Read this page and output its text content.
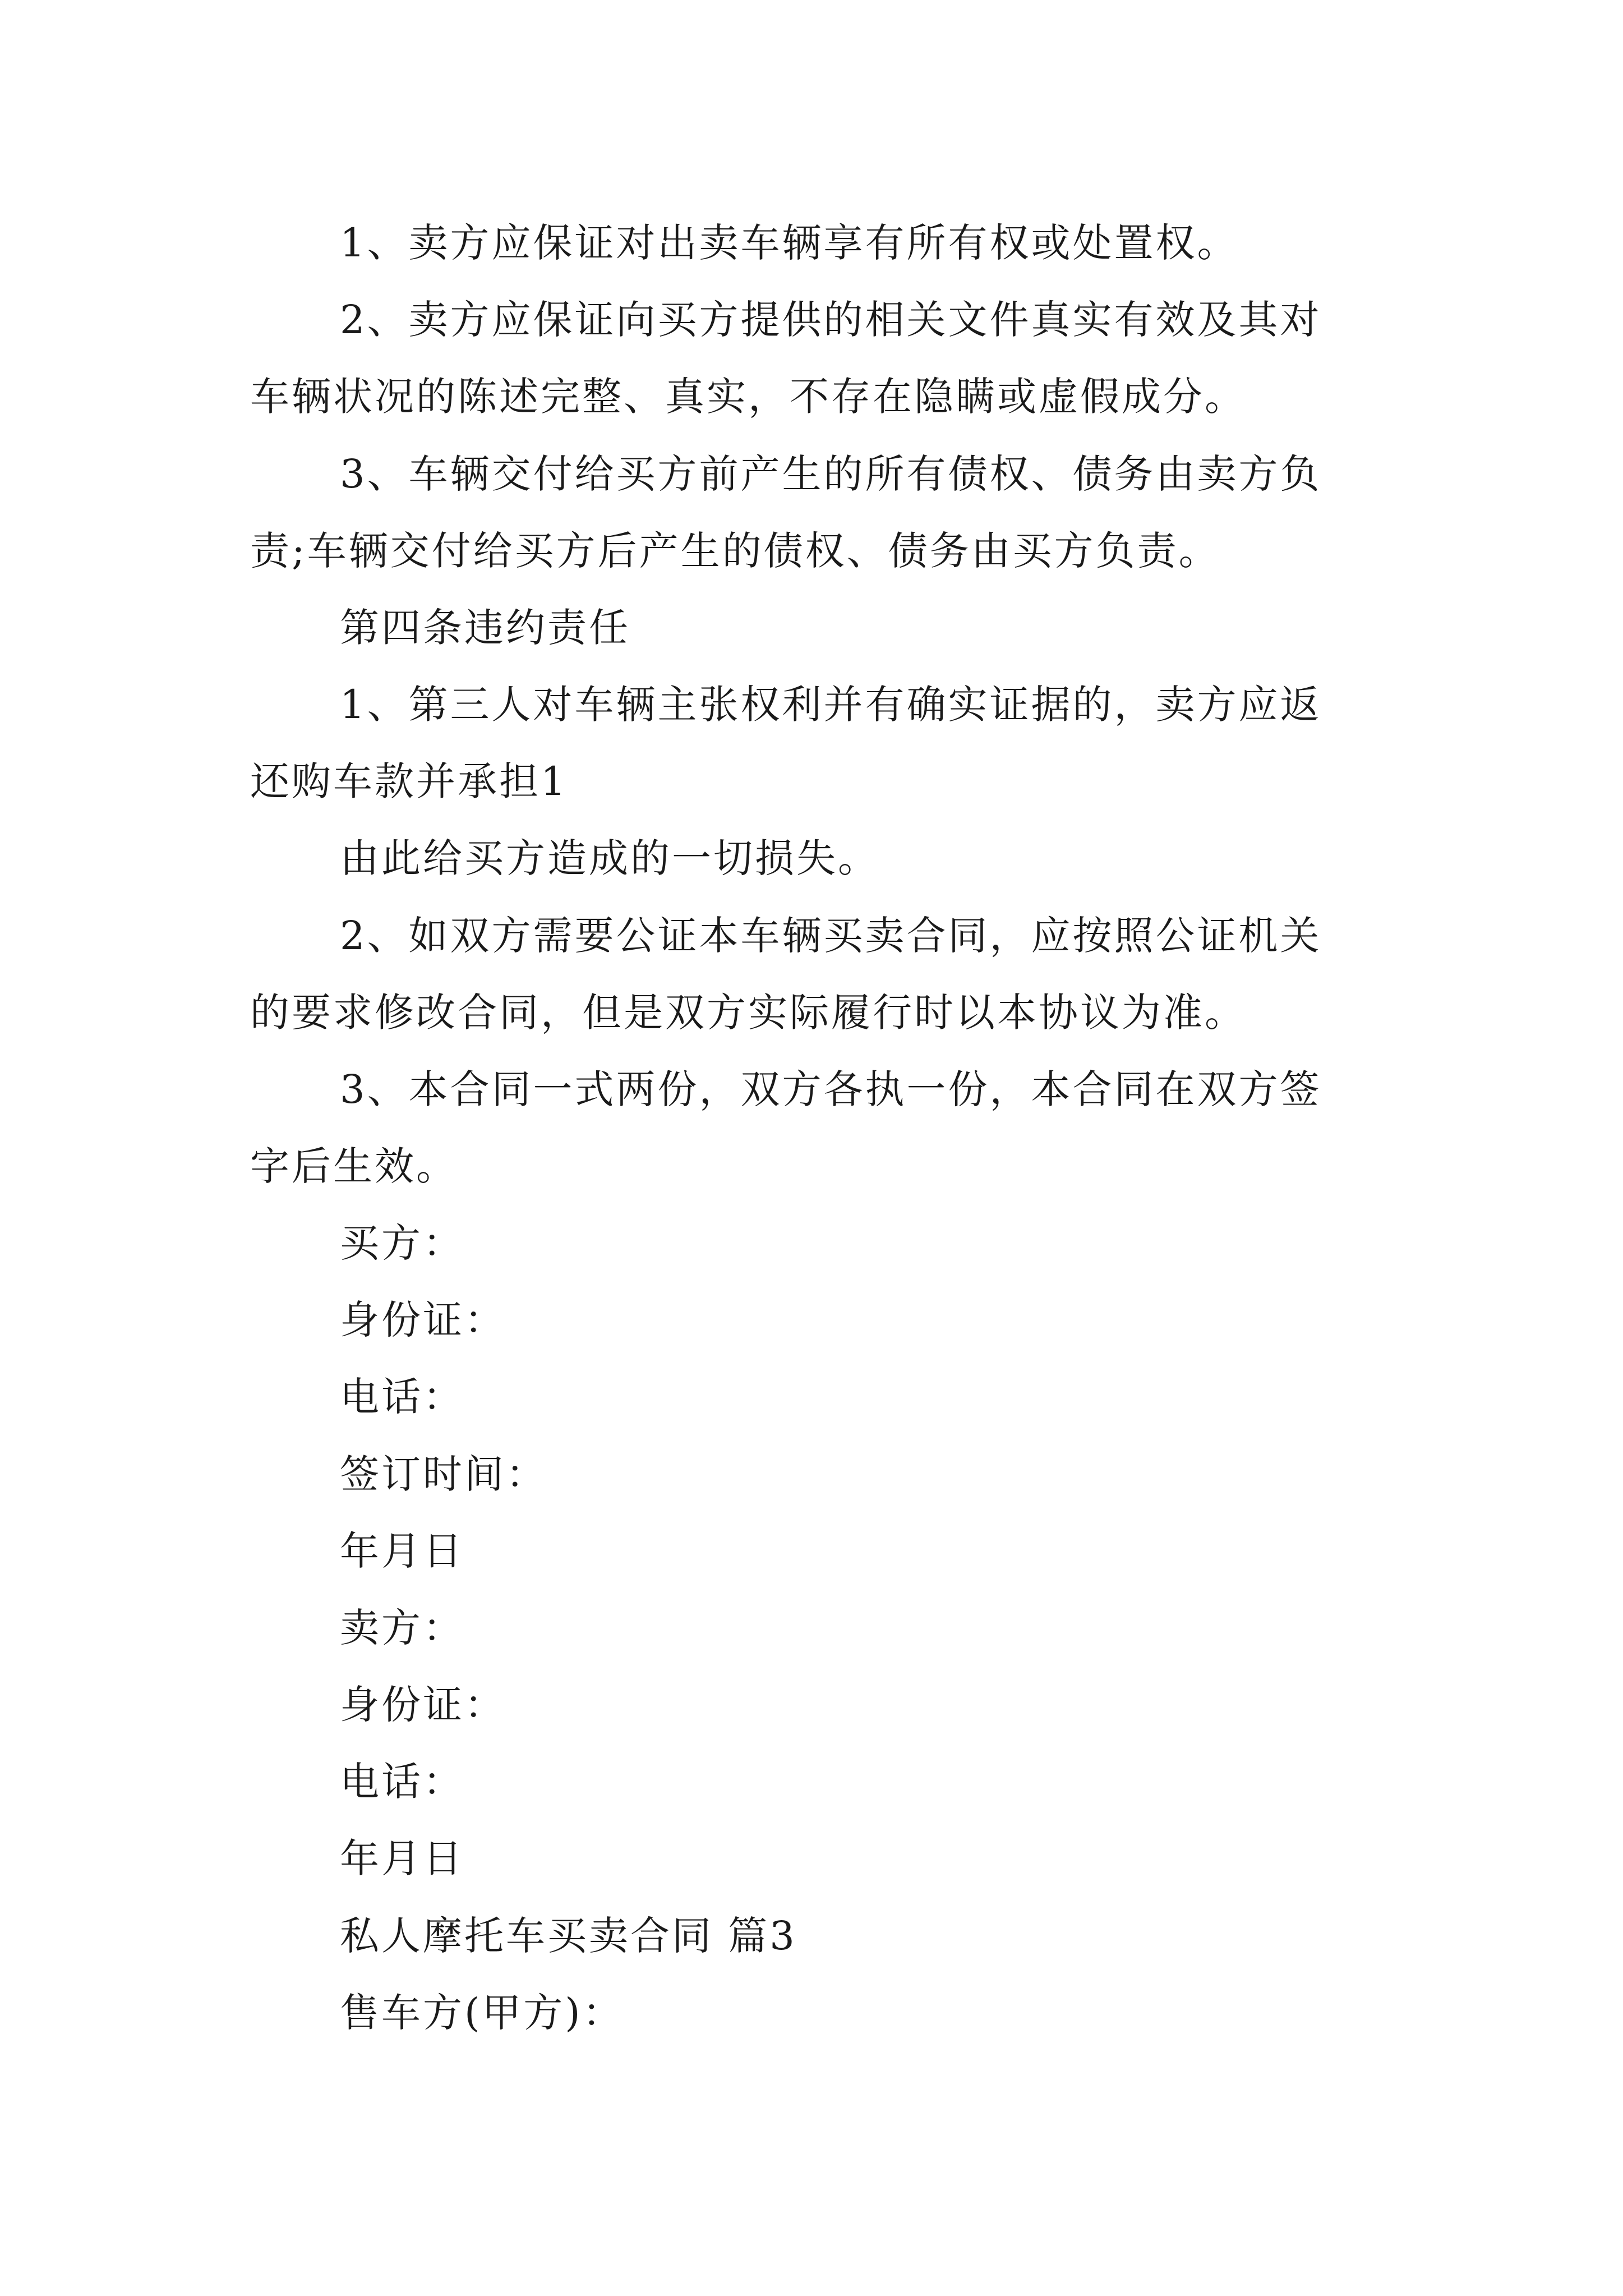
1、卖方应保证对出卖车辆享有所有权或处置权。
2、卖方应保证向买方提供的相关文件真实有效及其对
车辆状况的陈述完整、真实，不存在隐瞒或虚假成分。
3、车辆交付给买方前产生的所有债权、债务由卖方负
责;车辆交付给买方后产生的债权、债务由买方负责。
第四条违约责任
1、第三人对车辆主张权利并有确实证据的，卖方应返
还购车款并承担1
由此给买方造成的一切损失。
2、如双方需要公证本车辆买卖合同，应按照公证机关
的要求修改合同，但是双方实际履行时以本协议为准。
3、本合同一式两份，双方各执一份，本合同在双方签
字后生效。
买方：
身份证：
电话：
签订时间：
年月日
卖方：
身份证：
电话：
年月日
私人摩托车买卖合同 篇3
售车方(甲方)：
